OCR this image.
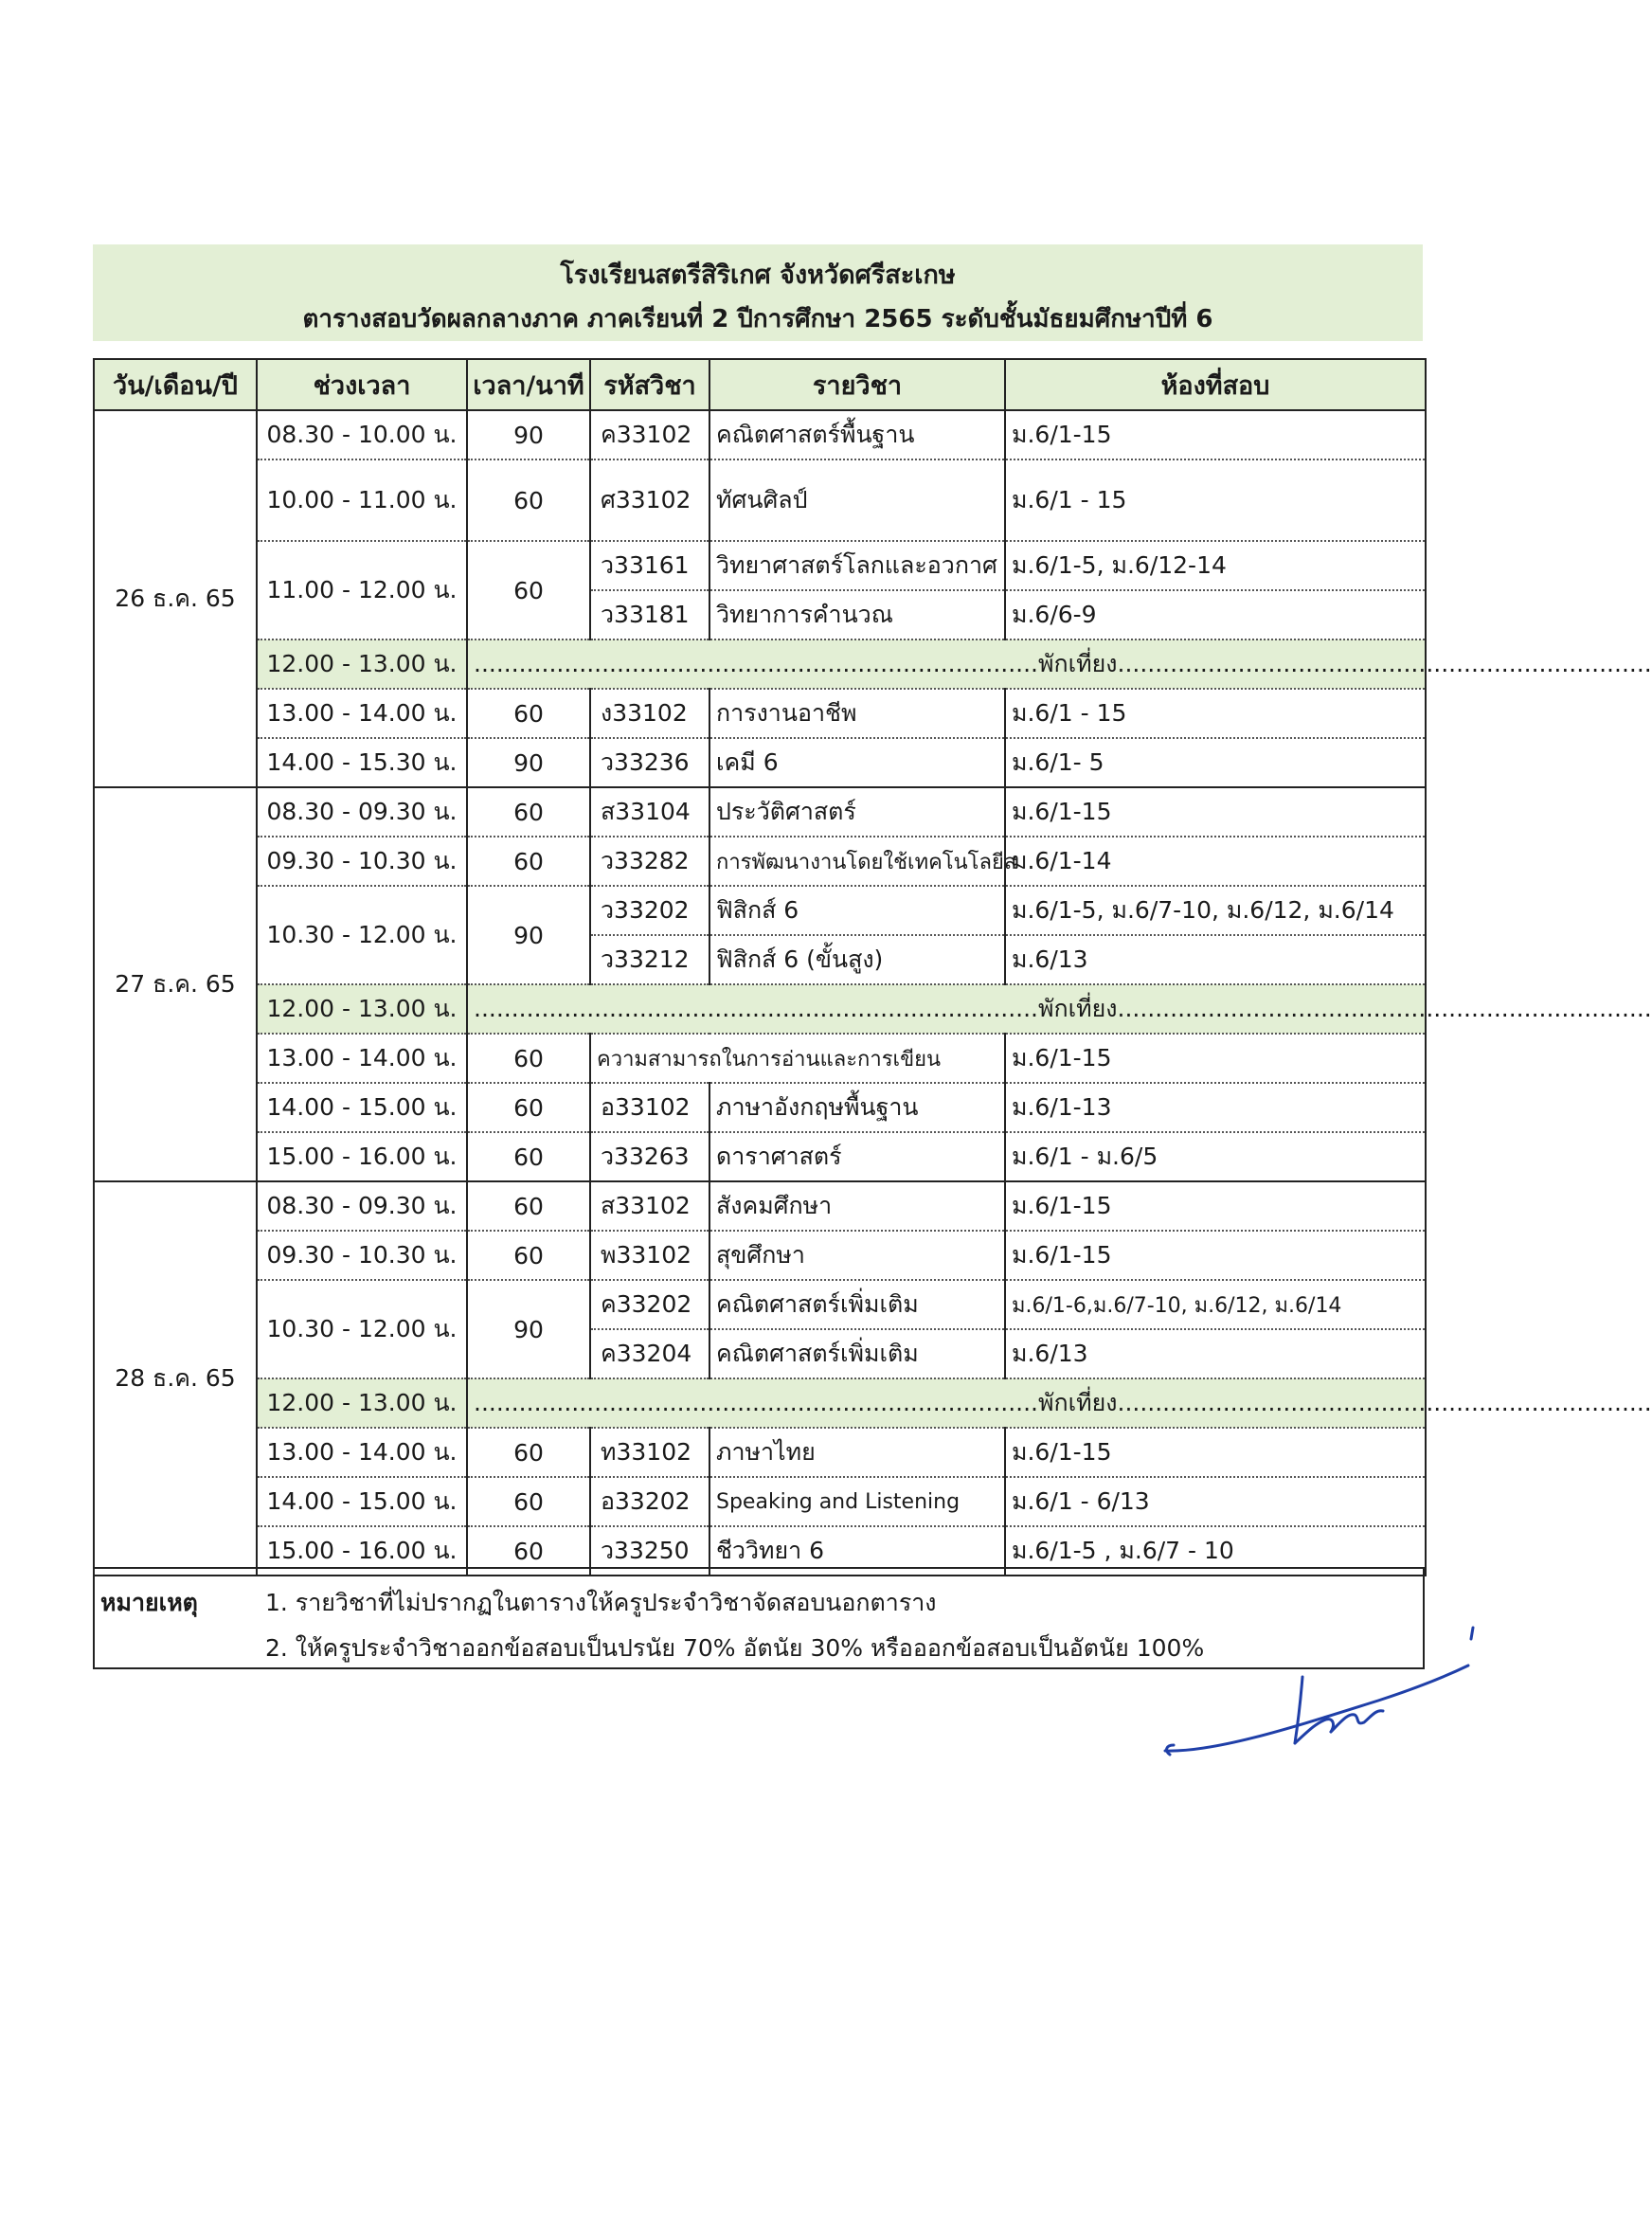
โรงเรียนสตรีสิริเกศ จังหวัดศรีสะเกษ
ตารางสอบวัดผลกลางภาค ภาคเรียนที่ 2 ปีการศึกษา 2565 ระดับชั้นมัธยมศึกษาปีที่ 6
วัน/เดือน/ปี	ช่วงเวลา	เวลา/นาที	รหัสวิชา	รายวิชา	ห้องที่สอบ
26 ธ.ค. 65	08.30 - 10.00 น.	90	ค33102	คณิตศาสตร์พื้นฐาน	ม.6/1-15
	10.00 - 11.00 น.	60	ศ33102	ทัศนศิลป์	ม.6/1 - 15
	11.00 - 12.00 น.	60	ว33161	วิทยาศาสตร์โลกและอวกาศ	ม.6/1-5, ม.6/12-14
			ว33181	วิทยาการคำนวณ	ม.6/6-9
	12.00 - 13.00 น.	...........................................................................พักเที่ยง.......................................................................			
	13.00 - 14.00 น.	60	ง33102	การงานอาชีพ	ม.6/1 - 15
	14.00 - 15.30 น.	90	ว33236	เคมี 6	ม.6/1- 5
27 ธ.ค. 65	08.30 - 09.30 น.	60	ส33104	ประวัติศาสตร์	ม.6/1-15
	09.30 - 10.30 น.	60	ว33282	การพัฒนางานโดยใช้เทคโนโลยีส	ม.6/1-14
	10.30 - 12.00 น.	90	ว33202	ฟิสิกส์ 6	ม.6/1-5, ม.6/7-10, ม.6/12, ม.6/14
			ว33212	ฟิสิกส์ 6 (ขั้นสูง)	ม.6/13
	12.00 - 13.00 น.	...........................................................................พักเที่ยง.......................................................................			
	13.00 - 14.00 น.	60	ความสามารถในการอ่านและการเขียน		ม.6/1-15
	14.00 - 15.00 น.	60	อ33102	ภาษาอังกฤษพื้นฐาน	ม.6/1-13
	15.00 - 16.00 น.	60	ว33263	ดาราศาสตร์	ม.6/1 - ม.6/5
28 ธ.ค. 65	08.30 - 09.30 น.	60	ส33102	สังคมศึกษา	ม.6/1-15
	09.30 - 10.30 น.	60	พ33102	สุขศึกษา	ม.6/1-15
	10.30 - 12.00 น.	90	ค33202	คณิตศาสตร์เพิ่มเติม	ม.6/1-6,ม.6/7-10, ม.6/12, ม.6/14
			ค33204	คณิตศาสตร์เพิ่มเติม	ม.6/13
	12.00 - 13.00 น.	...........................................................................พักเที่ยง.......................................................................			
	13.00 - 14.00 น.	60	ท33102	ภาษาไทย	ม.6/1-15
	14.00 - 15.00 น.	60	อ33202	Speaking and Listening	ม.6/1 - 6/13
	15.00 - 16.00 น.	60	ว33250	ชีววิทยา 6	ม.6/1-5 , ม.6/7 - 10
หมายเหตุ	1. รายวิชาที่ไม่ปรากฏในตารางให้ครูประจำวิชาจัดสอบนอกตาราง
2. ให้ครูประจำวิชาออกข้อสอบเป็นปรนัย 70% อัตนัย 30% หรือออกข้อสอบเป็นอัตนัย 100%
